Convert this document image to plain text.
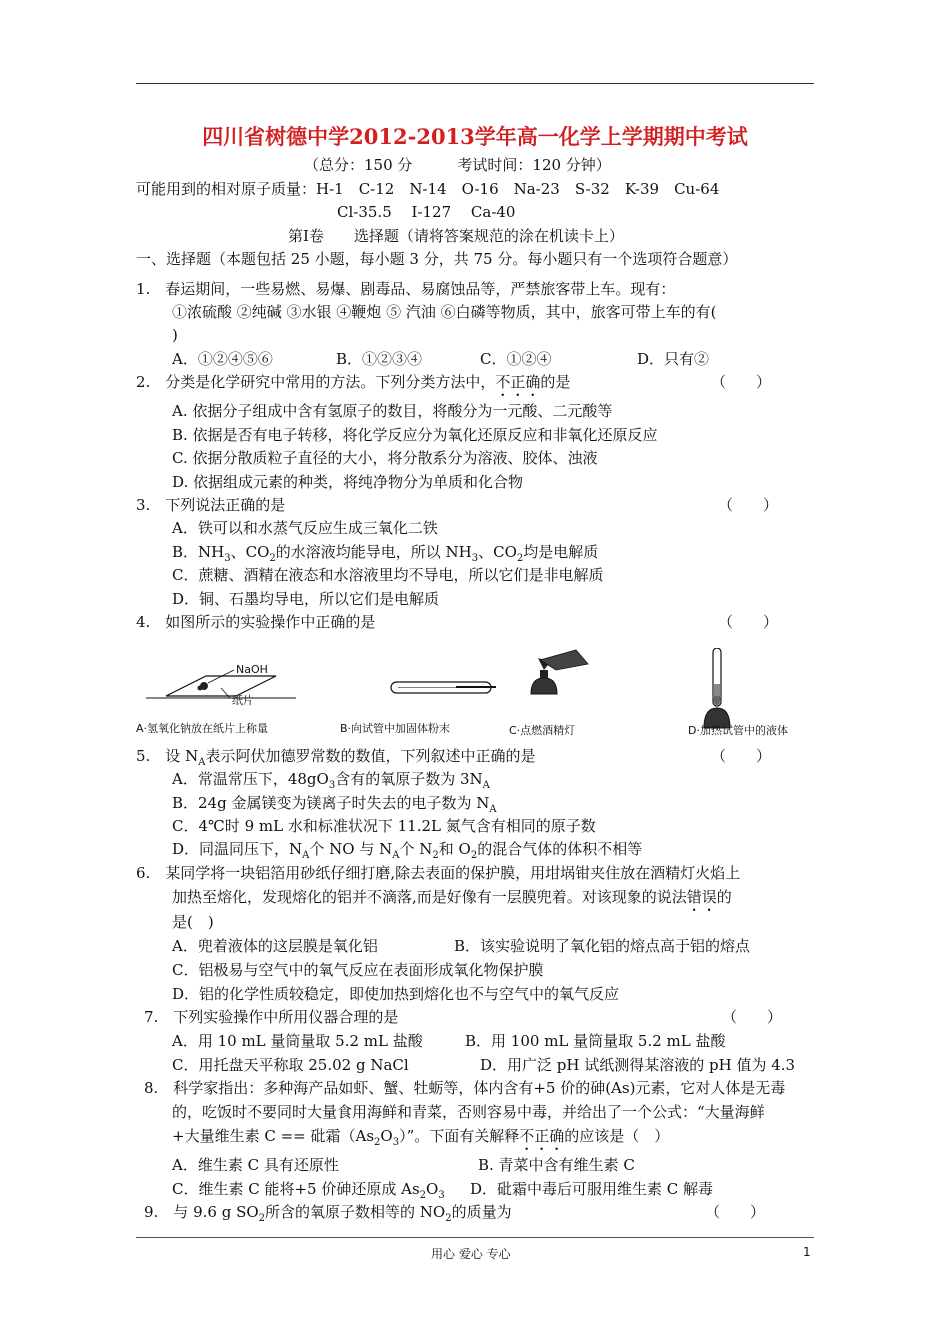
四川省树德中学2012-2013学年高一化学上学期期中考试
（总分：150 分　　　考试时间：120 分钟）
可能用到的相对原子质量：H-1　C-12　N-14　O-16　Na-23　S-32　K-39　Cu-64
Cl-35.5　 I-127　 Ca-40
第Ⅰ卷　　选择题（请将答案规范的涂在机读卡上）
一、选择题（本题包括 25 小题，每小题 3 分，共 75 分。每小题只有一个选项符合题意）
1.　春运期间，一些易燃、易爆、剧毒品、易腐蚀品等，严禁旅客带上车。现有：
①浓硫酸 ②纯碱 ③水银 ④鞭炮 ⑤ 汽油 ⑥白磷等物质，其中，旅客可带上车的有(
)
A．①②④⑤⑥	B．①②③④	C．①②④	D．只有②
2.　分类是化学研究中常用的方法。下列分类方法中，不正确的是	（　　）
A. 依据分子组成中含有氢原子的数目，将酸分为一元酸、二元酸等
B. 依据是否有电子转移，将化学反应分为氧化还原反应和非氧化还原反应
C. 依据分散质粒子直径的大小，将分散系分为溶液、胶体、浊液
D. 依据组成元素的种类，将纯净物分为单质和化合物
3.　下列说法正确的是	（　　）
A．铁可以和水蒸气反应生成三氧化二铁
B．$NH_3$、$CO_2$的水溶液均能导电，所以 $NH_3$、$CO_2$均是电解质
C．蔗糖、酒精在液态和水溶液里均不导电，所以它们是非电解质
D．铜、石墨均导电，所以它们是电解质
4.　如图所示的实验操作中正确的是	（　　）
NaOH
纸片
A·氢氧化钠放在纸片上称量	B·向试管中加固体粉末	C·点燃酒精灯	D·加热试管中的液体
5.　设 $N_A$表示阿伏加德罗常数的数值，下列叙述中正确的是	（　　）
A．常温常压下，$48gO_3$含有的氧原子数为 $3N_A$
B．24g 金属镁变为镁离子时失去的电子数为 $N_A$
C．4℃时 9 mL 水和标准状况下 11.2L 氮气含有相同的原子数
D．同温同压下，$N_A$个 NO 与 $N_A$个 $N_2$和 $O_2$的混合气体的体积不相等
6.　某同学将一块铝箔用砂纸仔细打磨,除去表面的保护膜，用坩埚钳夹住放在酒精灯火焰上
加热至熔化，发现熔化的铝并不滴落,而是好像有一层膜兜着。对该现象的说法错误的
是(　)
A．兜着液体的这层膜是氧化铝	B．该实验说明了氧化铝的熔点高于铝的熔点
C．铝极易与空气中的氧气反应在表面形成氧化物保护膜
D．铝的化学性质较稳定，即使加热到熔化也不与空气中的氧气反应
7.　下列实验操作中所用仪器合理的是	（　　）
A．用 10 mL 量筒量取 5.2 mL 盐酸	B．用 100 mL 量筒量取 5.2 mL 盐酸
C．用托盘天平称取 25.02 g NaCl	D．用广泛 pH 试纸测得某溶液的 pH 值为 4.3
8.　科学家指出：多种海产品如虾、蟹、牡蛎等，体内含有+5 价的砷(As)元素，它对人体是无毒
的，吃饭时不要同时大量食用海鲜和青菜，否则容易中毒，并给出了一个公式：“大量海鲜
+大量维生素 C == 砒霜$(As_2O_3)$”。下面有关解释不正确的应该是（　）
A．维生素 C 具有还原性	B. 青菜中含有维生素 C
C．维生素 C 能将+5 价砷还原成 $As_2O_3$ D．砒霜中毒后可服用维生素 C 解毒
9.　与 9.6 g $SO_2$所含的氧原子数相等的 $NO_2$的质量为	（　　）
用心 爱心 专心	1
